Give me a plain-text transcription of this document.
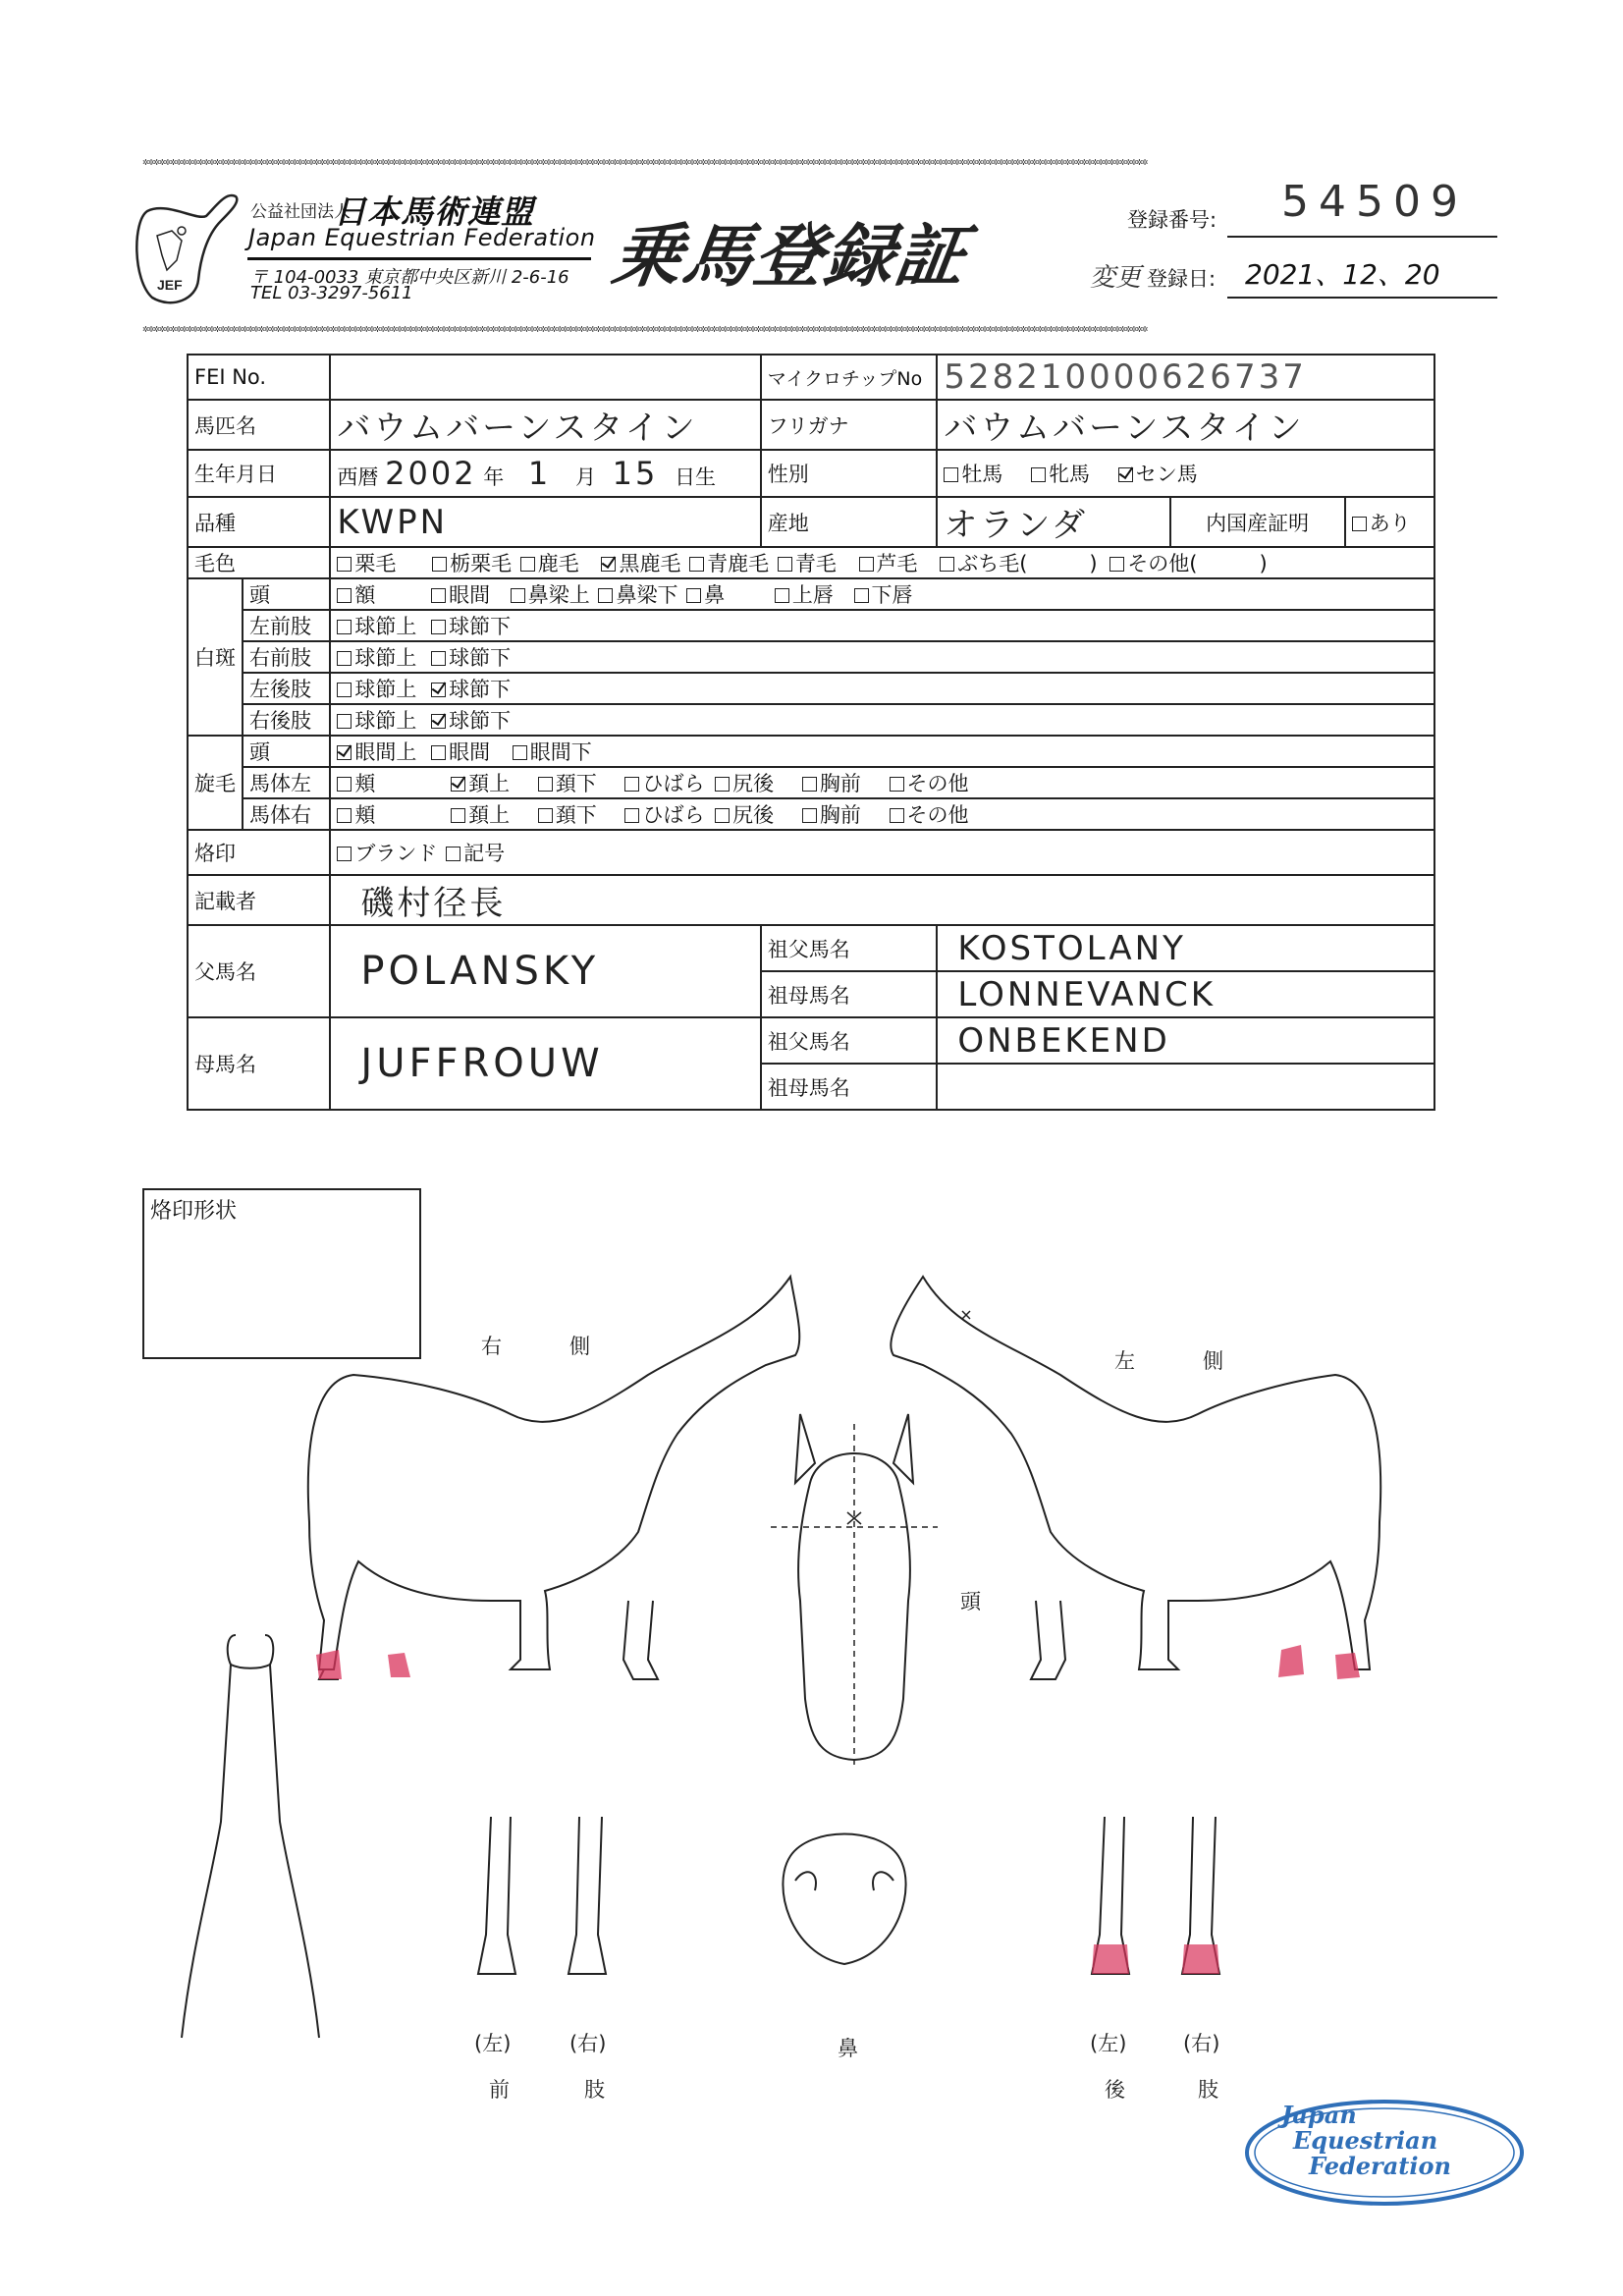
✲✲✲✲✲✲✲✲✲✲✲✲✲✲✲✲✲✲✲✲✲✲✲✲✲✲✲✲✲✲✲✲✲✲✲✲✲✲✲✲✲✲✲✲✲✲✲✲✲✲✲✲✲✲✲✲✲✲✲✲✲✲✲✲✲✲✲✲✲✲✲✲✲✲✲✲✲✲✲✲✲✲✲✲✲✲✲✲✲✲✲✲✲✲✲✲✲✲✲✲✲✲✲✲✲✲✲✲✲✲✲✲✲✲✲✲✲✲✲✲✲✲✲✲✲✲✲✲✲✲✲✲✲✲✲✲✲✲✲✲✲✲✲✲✲✲✲✲✲✲✲✲✲✲✲✲✲✲✲✲✲✲✲✲✲✲✲✲✲✲✲✲✲✲✲✲✲✲✲✲✲✲
JEF
公益社団法人
日本馬術連盟
Japan Equestrian Federation
〒 104-0033 東京都中央区新川 2-6-16
TEL 03-3297-5611	乗馬登録証	登録番号: 54509
変更 登録日: 2021、12、20
✲✲✲✲✲✲✲✲✲✲✲✲✲✲✲✲✲✲✲✲✲✲✲✲✲✲✲✲✲✲✲✲✲✲✲✲✲✲✲✲✲✲✲✲✲✲✲✲✲✲✲✲✲✲✲✲✲✲✲✲✲✲✲✲✲✲✲✲✲✲✲✲✲✲✲✲✲✲✲✲✲✲✲✲✲✲✲✲✲✲✲✲✲✲✲✲✲✲✲✲✲✲✲✲✲✲✲✲✲✲✲✲✲✲✲✲✲✲✲✲✲✲✲✲✲✲✲✲✲✲✲✲✲✲✲✲✲✲✲✲✲✲✲✲✲✲✲✲✲✲✲✲✲✲✲✲✲✲✲✲✲✲✲✲✲✲✲✲✲✲✲✲✲✲✲✲✲✲✲✲✲✲
FEI No.			マイクロチップNo	528210000626737		
馬匹名		バウムバーンスタイン	フリガナ	バウムバーンスタイン		
生年月日		西暦 2002 年 1 月 15 日生	性別	牡馬 牝馬 セン馬		
品種		KWPN	産地	オランダ	内国産証明	あり
毛色		栗毛 栃栗毛 鹿毛 黒鹿毛 青鹿毛 青毛 芦毛 ぶち毛(　　　) その他(　　　)				
白斑	頭	額 眼間 鼻梁上 鼻梁下 鼻 上唇 下唇				
	左前肢	球節上 球節下				
	右前肢	球節上 球節下				
	左後肢	球節上 球節下				
	右後肢	球節上 球節下				
旋毛	頭	眼間上 眼間 眼間下				
	馬体左	頬 頚上 頚下 ひばら 尻後 胸前 その他				
	馬体右	頬 頚上 頚下 ひばら 尻後 胸前 その他				
烙印		ブランド 記号				
記載者		磯村径長				
父馬名		POLANSKY	祖父馬名	KOSTOLANY		
			祖母馬名	LONNEVANCK		
母馬名		JUFFROUW	祖父馬名	ONBEKEND		
			祖母馬名			
烙印形状
右	側
左	側
頭
(左)	(右)
前	肢
鼻	(左)	(右)
後	肢
Japan
Equestrian
Federation
